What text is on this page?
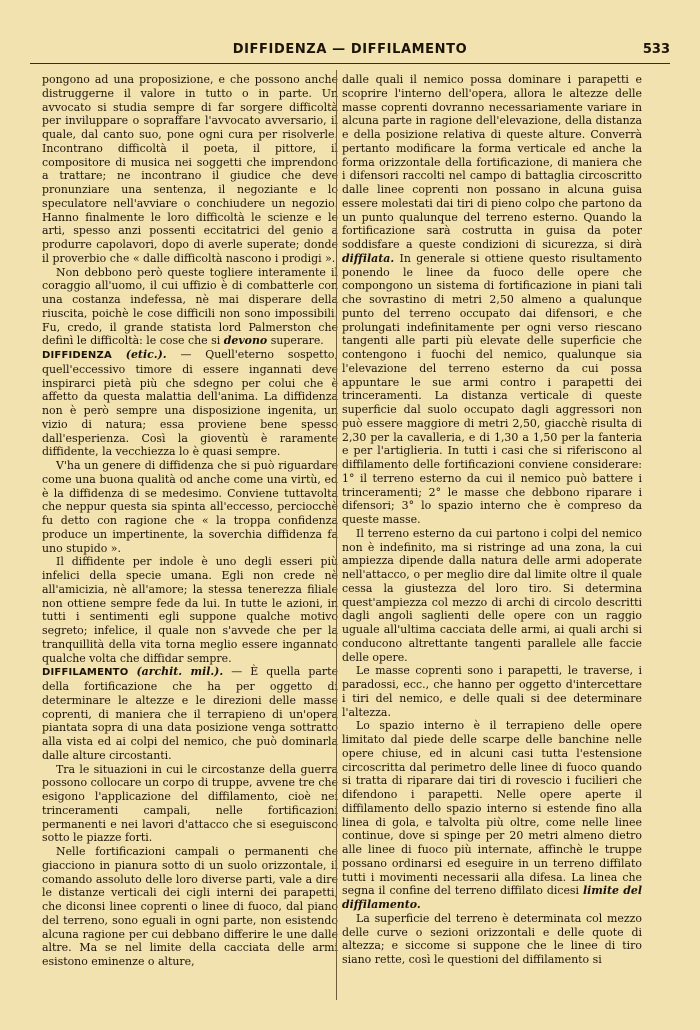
DIFFIDENZA — DIFFILAMENTO	533

pongono ad una proposizione, e che possono anche distruggerne il valore in tutto o in parte. Un avvocato si studia sempre di far sorgere difficoltà per inviluppare o sopraffare l'avvocato avversario, il quale, dal canto suo, pone ogni cura per risolverle. Incontrano difficoltà il poeta, il pittore, il compositore di musica nei soggetti che imprendono a trattare; ne incontrano il giudice che deve pronunziare una sentenza, il negoziante e lo speculatore nell'avviare o conchiudere un negozio. Hanno finalmente le loro difficoltà le scienze e le arti, spesso anzi possenti eccitatrici del genio a produrre capolavori, dopo di averle superate; donde il proverbio che « dalle difficoltà nascono i prodigi ».

Non debbono però queste togliere interamente il coraggio all'uomo, il cui uffizio è di combatterle con una costanza indefessa, nè mai disperare della riuscita, poichè le cose difficili non sono impossibili. Fu, credo, il grande statista lord Palmerston che definì le difficoltà: le cose che si devono superare.

DIFFIDENZA (etic.). — Quell'eterno sospetto, quell'eccessivo timore di essere ingannati deve inspirarci pietà più che sdegno per colui che è affetto da questa malattia dell'anima. La diffidenza non è però sempre una disposizione ingenita, un vizio di natura; essa proviene bene spesso dall'esperienza. Così la gioventù è raramente diffidente, la vecchiezza lo è quasi sempre.

V'ha un genere di diffidenza che si può riguardare come una buona qualità od anche come una virtù, ed è la diffidenza di se medesimo. Conviene tuttavolta che neppur questa sia spinta all'eccesso, perciocchè fu detto con ragione che « la troppa confidenza produce un impertinente, la soverchia diffidenza fa uno stupido ».

Il diffidente per indole è uno degli esseri più infelici della specie umana. Egli non crede nè all'amicizia, nè all'amore; la stessa tenerezza filiale non ottiene sempre fede da lui. In tutte le azioni, in tutti i sentimenti egli suppone qualche motivo segreto; infelice, il quale non s'avvede che per la tranquillità della vita torna meglio essere ingannato qualche volta che diffidar sempre.

DIFFILAMENTO (archit. mil.). — È quella parte della fortificazione che ha per oggetto di determinare le altezze e le direzioni delle masse coprenti, di maniera che il terrapieno di un'opera piantata sopra di una data posizione venga sottratto alla vista ed ai colpi del nemico, che può dominarla dalle alture circostanti.

Tra le situazioni in cui le circostanze della guerra possono collocare un corpo di truppe, avvene tre che esigono l'applicazione del diffilamento, cioè nei trinceramenti campali, nelle fortificazioni permanenti e nei lavori d'attacco che si eseguiscono sotto le piazze forti.

Nelle fortificazioni campali o permanenti che giacciono in pianura sotto di un suolo orizzontale, il comando assoluto delle loro diverse parti, vale a dire le distanze verticali dei cigli interni dei parapetti, che diconsi linee coprenti o linee di fuoco, dal piano del terreno, sono eguali in ogni parte, non esistendo alcuna ragione per cui debbano differire le une dalle altre. Ma se nel limite della cacciata delle armi esistono eminenze o alture,

dalle quali il nemico possa dominare i parapetti e scoprire l'interno dell'opera, allora le altezze delle masse coprenti dovranno necessariamente variare in alcuna parte in ragione dell'elevazione, della distanza e della posizione relativa di queste alture. Converrà pertanto modificare la forma verticale ed anche la forma orizzontale della fortificazione, di maniera che i difensori raccolti nel campo di battaglia circoscritto dalle linee coprenti non possano in alcuna guisa essere molestati dai tiri di pieno colpo che partono da un punto qualunque del terreno esterno. Quando la fortificazione sarà costrutta in guisa da poter soddisfare a queste condizioni di sicurezza, si dirà diffilata. In generale si ottiene questo risultamento ponendo le linee da fuoco delle opere che compongono un sistema di fortificazione in piani tali che sovrastino di metri 2,50 almeno a qualunque punto del terreno occupato dai difensori, e che prolungati indefinitamente per ogni verso riescano tangenti alle parti più elevate delle superficie che contengono i fuochi del nemico, qualunque sia l'elevazione del terreno esterno da cui possa appuntare le sue armi contro i parapetti dei trinceramenti. La distanza verticale di queste superficie dal suolo occupato dagli aggressori non può essere maggiore di metri 2,50, giacchè risulta di 2,30 per la cavalleria, e di 1,30 a 1,50 per la fanteria e per l'artiglieria. In tutti i casi che si riferiscono al diffilamento delle fortificazioni conviene considerare: 1° il terreno esterno da cui il nemico può battere i trinceramenti; 2° le masse che debbono riparare i difensori; 3° lo spazio interno che è compreso da queste masse.

Il terreno esterno da cui partono i colpi del nemico non è indefinito, ma si ristringe ad una zona, la cui ampiezza dipende dalla natura delle armi adoperate nell'attacco, o per meglio dire dal limite oltre il quale cessa la giustezza del loro tiro. Si determina quest'ampiezza col mezzo di archi di circolo descritti dagli angoli saglienti delle opere con un raggio uguale all'ultima cacciata delle armi, ai quali archi si conducono altrettante tangenti parallele alle faccie delle opere.

Le masse coprenti sono i parapetti, le traverse, i paradossi, ecc., che hanno per oggetto d'intercettare i tiri del nemico, e delle quali si dee determinare l'altezza.

Lo spazio interno è il terrapieno delle opere limitato dal piede delle scarpe delle banchine nelle opere chiuse, ed in alcuni casi tutta l'estensione circoscritta dal perimetro delle linee di fuoco quando si tratta di riparare dai tiri di rovescio i fucilieri che difendono i parapetti. Nelle opere aperte il diffilamento dello spazio interno si estende fino alla linea di gola, e talvolta più oltre, come nelle linee continue, dove si spinge per 20 metri almeno dietro alle linee di fuoco più internate, affinchè le truppe possano ordinarsi ed eseguire in un terreno diffilato tutti i movimenti necessarii alla difesa. La linea che segna il confine del terreno diffilato dicesi limite del diffilamento.

La superficie del terreno è determinata col mezzo delle curve o sezioni orizzontali e delle quote di altezza; e siccome si suppone che le linee di tiro siano rette, così le questioni del diffilamento si
